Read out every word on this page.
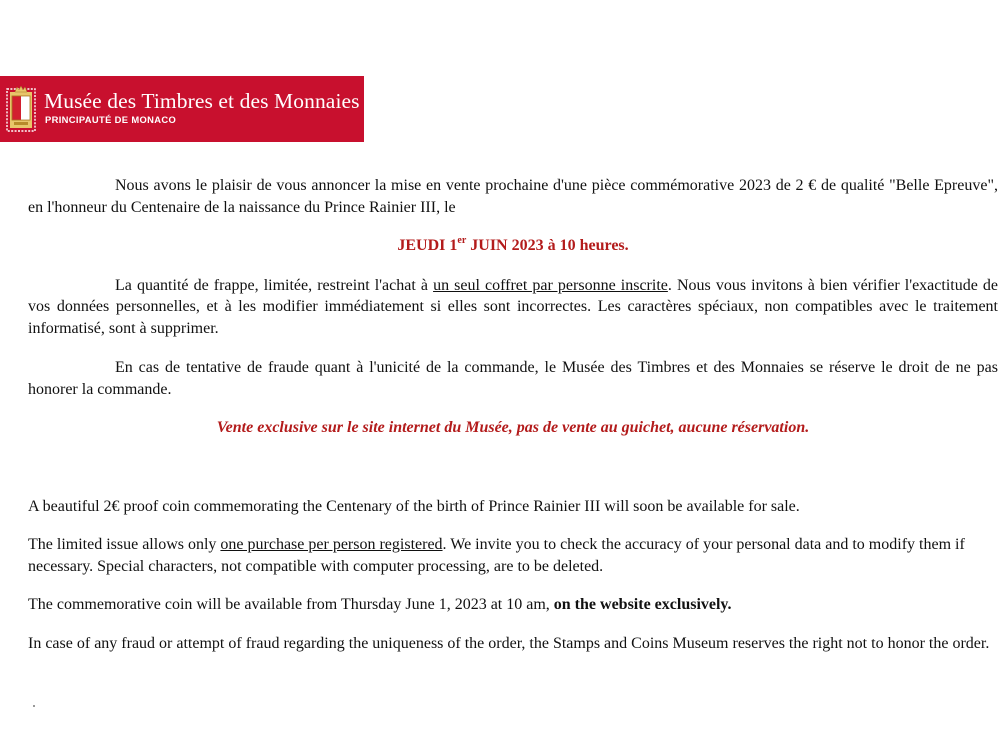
Musée des Timbres et des Monnaies
PRINCIPAUTÉ DE MONACO

Nous avons le plaisir de vous annoncer la mise en vente prochaine d'une pièce commémorative 2023 de 2 € de qualité "Belle Epreuve", en l'honneur du Centenaire de la naissance du Prince Rainier III, le

JEUDI 1er JUIN 2023 à 10 heures.

La quantité de frappe, limitée, restreint l'achat à un seul coffret par personne inscrite. Nous vous invitons à bien vérifier l'exactitude de vos données personnelles, et à les modifier immédiatement si elles sont incorrectes. Les caractères spéciaux, non compatibles avec le traitement informatisé, sont à supprimer.

En cas de tentative de fraude quant à l'unicité de la commande, le Musée des Timbres et des Monnaies se réserve le droit de ne pas honorer la commande.

Vente exclusive sur le site internet du Musée, pas de vente au guichet, aucune réservation.

A beautiful 2€ proof coin commemorating the Centenary of the birth of Prince Rainier III will soon be available for sale.

The limited issue allows only one purchase per person registered. We invite you to check the accuracy of your personal data and to modify them if necessary. Special characters, not compatible with computer processing, are to be deleted.

The commemorative coin will be available from Thursday June 1, 2023 at 10 am, on the website exclusively.

In case of any fraud or attempt of fraud regarding the uniqueness of the order, the Stamps and Coins Museum reserves the right not to honor the order.
